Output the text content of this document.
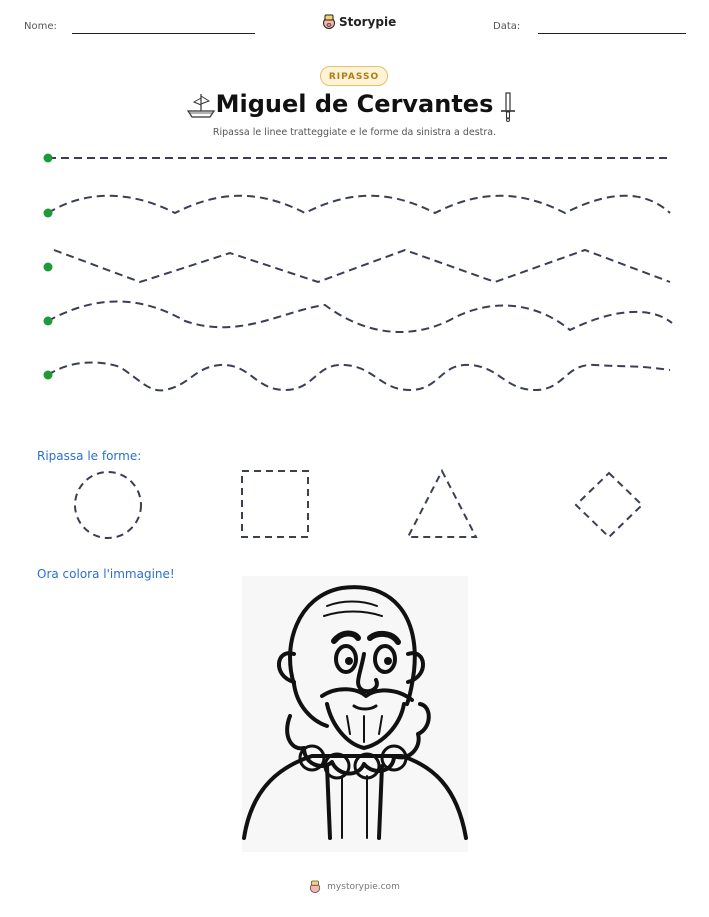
Nome:	Storypie	Data:
RIPASSO
Miguel de Cervantes
Ripassa le linee tratteggiate e le forme da sinistra a destra.
Ripassa le forme:
Ora colora l'immagine!
mystorypie.com
